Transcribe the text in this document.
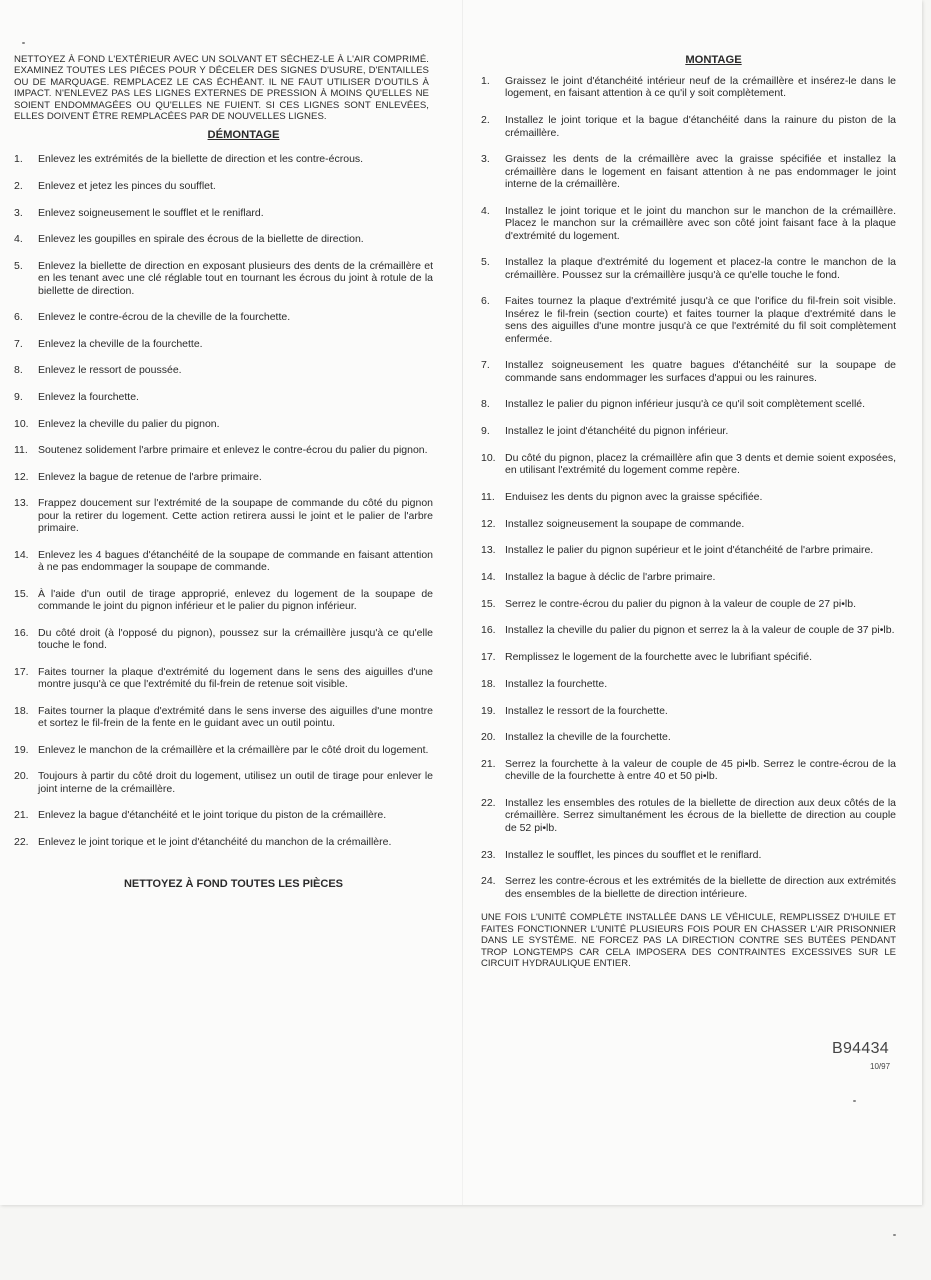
NETTOYEZ À FOND L'EXTÉRIEUR AVEC UN SOLVANT ET SÉCHEZ-LE À L'AIR COMPRIMÉ. EXAMINEZ TOUTES LES PIÈCES POUR Y DÉCELER DES SIGNES D'USURE, D'ENTAILLES OU DE MARQUAGE. REMPLACEZ LE CAS ÉCHÉANT. IL NE FAUT UTILISER D'OUTILS À IMPACT. N'ENLEVEZ PAS LES LIGNES EXTERNES DE PRESSION À MOINS QU'ELLES NE SOIENT ENDOMMAGÉES OU QU'ELLES NE FUIENT. SI CES LIGNES SONT ENLEVÉES, ELLES DOIVENT ÊTRE REMPLACÉES PAR DE NOUVELLES LIGNES.

DÉMONTAGE
1. Enlevez les extrémités de la biellette de direction et les contre-écrous.
2. Enlevez et jetez les pinces du soufflet.
3. Enlevez soigneusement le soufflet et le reniflard.
4. Enlevez les goupilles en spirale des écrous de la biellette de direction.
5. Enlevez la biellette de direction en exposant plusieurs des dents de la crémaillère et en les tenant avec une clé réglable tout en tournant les écrous du joint à rotule de la biellette de direction.
6. Enlevez le contre-écrou de la cheville de la fourchette.
7. Enlevez la cheville de la fourchette.
8. Enlevez le ressort de poussée.
9. Enlevez la fourchette.
10. Enlevez la cheville du palier du pignon.
11. Soutenez solidement l'arbre primaire et enlevez le contre-écrou du palier du pignon.
12. Enlevez la bague de retenue de l'arbre primaire.
13. Frappez doucement sur l'extrémité de la soupape de commande du côté du pignon pour la retirer du logement. Cette action retirera aussi le joint et le palier de l'arbre primaire.
14. Enlevez les 4 bagues d'étanchéité de la soupape de commande en faisant attention à ne pas endommager la soupape de commande.
15. À l'aide d'un outil de tirage approprié, enlevez du logement de la soupape de commande le joint du pignon inférieur et le palier du pignon inférieur.
16. Du côté droit (à l'opposé du pignon), poussez sur la crémaillère jusqu'à ce qu'elle touche le fond.
17. Faites tourner la plaque d'extrémité du logement dans le sens des aiguilles d'une montre jusqu'à ce que l'extrémité du fil-frein de retenue soit visible.
18. Faites tourner la plaque d'extrémité dans le sens inverse des aiguilles d'une montre et sortez le fil-frein de la fente en le guidant avec un outil pointu.
19. Enlevez le manchon de la crémaillère et la crémaillère par le côté droit du logement.
20. Toujours à partir du côté droit du logement, utilisez un outil de tirage pour enlever le joint interne de la crémaillère.
21. Enlevez la bague d'étanchéité et le joint torique du piston de la crémaillère.
22. Enlevez le joint torique et le joint d'étanchéité du manchon de la crémaillère.
NETTOYEZ À FOND TOUTES LES PIÈCES
MONTAGE
1. Graissez le joint d'étanchéité intérieur neuf de la crémaillère et insérez-le dans le logement, en faisant attention à ce qu'il y soit complètement.
2. Installez le joint torique et la bague d'étanchéité dans la rainure du piston de la crémaillère.
3. Graissez les dents de la crémaillère avec la graisse spécifiée et installez la crémaillère dans le logement en faisant attention à ne pas endommager le joint interne de la crémaillère.
4. Installez le joint torique et le joint du manchon sur le manchon de la crémaillère. Placez le manchon sur la crémaillère avec son côté joint faisant face à la plaque d'extrémité du logement.
5. Installez la plaque d'extrémité du logement et placez-la contre le manchon de la crémaillère. Poussez sur la crémaillère jusqu'à ce qu'elle touche le fond.
6. Faites tournez la plaque d'extrémité jusqu'à ce que l'orifice du fil-frein soit visible. Insérez le fil-frein (section courte) et faites tourner la plaque d'extrémité dans le sens des aiguilles d'une montre jusqu'à ce que l'extrémité du fil soit complètement enfermée.
7. Installez soigneusement les quatre bagues d'étanchéité sur la soupape de commande sans endommager les surfaces d'appui ou les rainures.
8. Installez le palier du pignon inférieur jusqu'à ce qu'il soit complètement scellé.
9. Installez le joint d'étanchéité du pignon inférieur.
10. Du côté du pignon, placez la crémaillère afin que 3 dents et demie soient exposées, en utilisant l'extrémité du logement comme repère.
11. Enduisez les dents du pignon avec la graisse spécifiée.
12. Installez soigneusement la soupape de commande.
13. Installez le palier du pignon supérieur et le joint d'étanchéité de l'arbre primaire.
14. Installez la bague à déclic de l'arbre primaire.
15. Serrez le contre-écrou du palier du pignon à la valeur de couple de 27 pi•lb.
16. Installez la cheville du palier du pignon et serrez la à la valeur de couple de 37 pi•lb.
17. Remplissez le logement de la fourchette avec le lubrifiant spécifié.
18. Installez la fourchette.
19. Installez le ressort de la fourchette.
20. Installez la cheville de la fourchette.
21. Serrez la fourchette à la valeur de couple de 45 pi•lb. Serrez le contre-écrou de la cheville de la fourchette à entre 40 et 50 pi•lb.
22. Installez les ensembles des rotules de la biellette de direction aux deux côtés de la crémaillère. Serrez simultanément les écrous de la biellette de direction au couple de 52 pi•lb.
23. Installez le soufflet, les pinces du soufflet et le reniflard.
24. Serrez les contre-écrous et les extrémités de la biellette de direction aux extrémités des ensembles de la biellette de direction intérieure.

UNE FOIS L'UNITÉ COMPLÈTE INSTALLÉE DANS LE VÉHICULE, REMPLISSEZ D'HUILE ET FAITES FONCTIONNER L'UNITÉ PLUSIEURS FOIS POUR EN CHASSER L'AIR PRISONNIER DANS LE SYSTÈME. NE FORCEZ PAS LA DIRECTION CONTRE SES BUTÉES PENDANT TROP LONGTEMPS CAR CELA IMPOSERA DES CONTRAINTES EXCESSIVES SUR LE CIRCUIT HYDRAULIQUE ENTIER.

B94434
10/97
